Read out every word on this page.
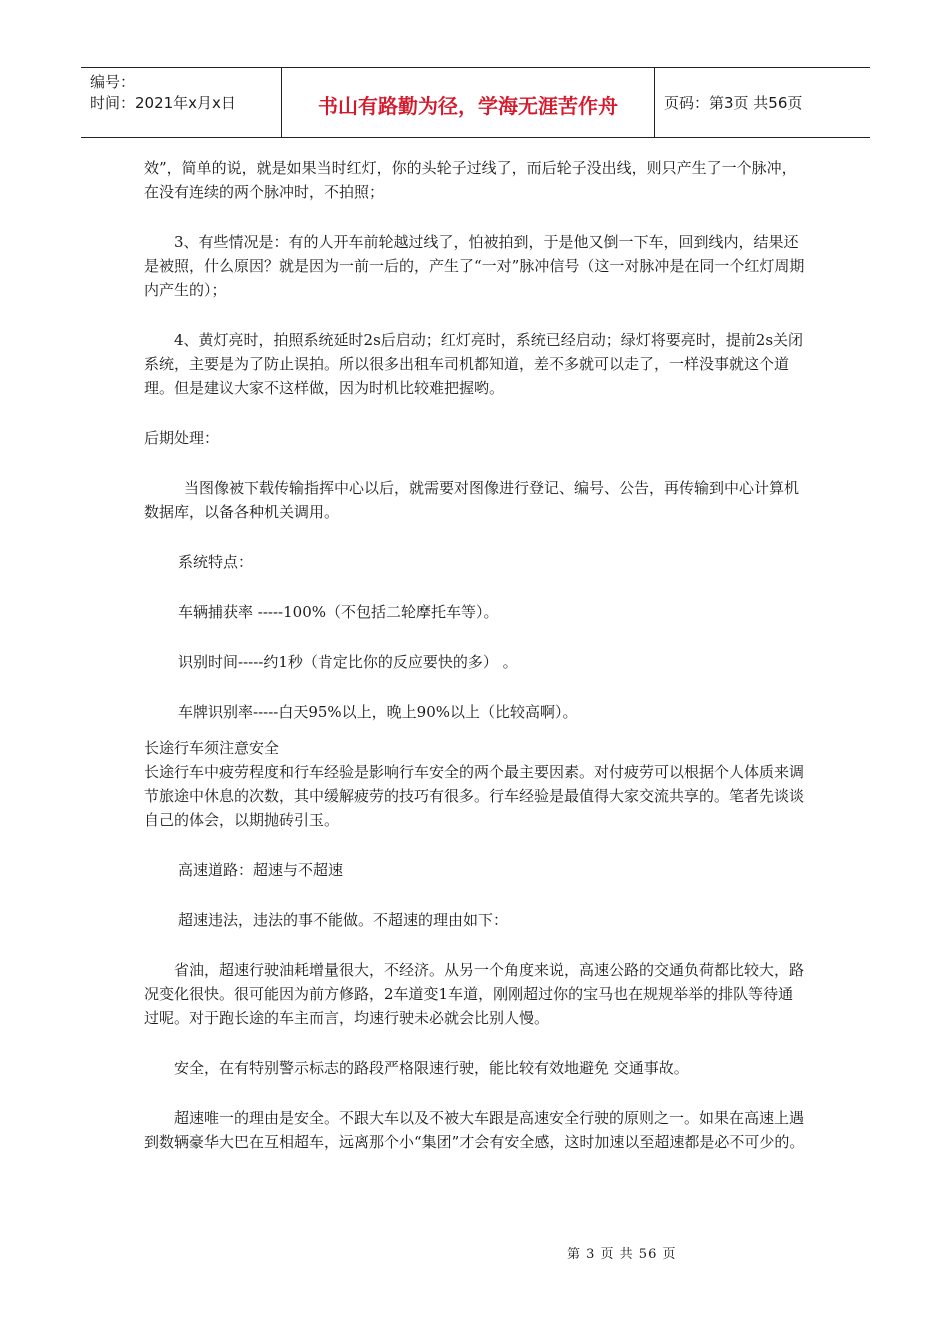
编号：
时间：2021年x月x日	书山有路勤为径，学海无涯苦作舟	页码：第3页 共56页

效”，简单的说，就是如果当时红灯，你的头轮子过线了，而后轮子没出线，则只产生了一个脉冲，在没有连续的两个脉冲时，不拍照；

3、有些情况是：有的人开车前轮越过线了，怕被拍到，于是他又倒一下车，回到线内，结果还是被照，什么原因？就是因为一前一后的，产生了“一对”脉冲信号（这一对脉冲是在同一个红灯周期内产生的）；

4、黄灯亮时，拍照系统延时2s后启动；红灯亮时，系统已经启动；绿灯将要亮时，提前2s关闭系统，主要是为了防止误拍。所以很多出租车司机都知道，差不多就可以走了，一样没事就这个道理。但是建议大家不这样做，因为时机比较难把握哟。

后期处理：

当图像被下载传输指挥中心以后，就需要对图像进行登记、编号、公告，再传输到中心计算机数据库，以备各种机关调用。

系统特点：

车辆捕获率 -----100%（不包括二轮摩托车等）。

识别时间-----约1秒（肯定比你的反应要快的多） 。

车牌识别率-----白天95%以上，晚上90%以上（比较高啊）。

长途行车须注意安全

长途行车中疲劳程度和行车经验是影响行车安全的两个最主要因素。对付疲劳可以根据个人体质来调节旅途中休息的次数，其中缓解疲劳的技巧有很多。行车经验是最值得大家交流共享的。笔者先谈谈自己的体会，以期抛砖引玉。

高速道路：超速与不超速

超速违法，违法的事不能做。不超速的理由如下：

省油，超速行驶油耗增量很大，不经济。从另一个角度来说，高速公路的交通负荷都比较大，路况变化很快。很可能因为前方修路，2车道变1车道，刚刚超过你的宝马也在规规举举的排队等待通过呢。对于跑长途的车主而言，均速行驶未必就会比别人慢。

安全，在有特别警示标志的路段严格限速行驶，能比较有效地避免 交通事故。

超速唯一的理由是安全。不跟大车以及不被大车跟是高速安全行驶的原则之一。如果在高速上遇到数辆豪华大巴在互相超车，远离那个小“集团”才会有安全感，这时加速以至超速都是必不可少的。

第 3 页 共 56 页
